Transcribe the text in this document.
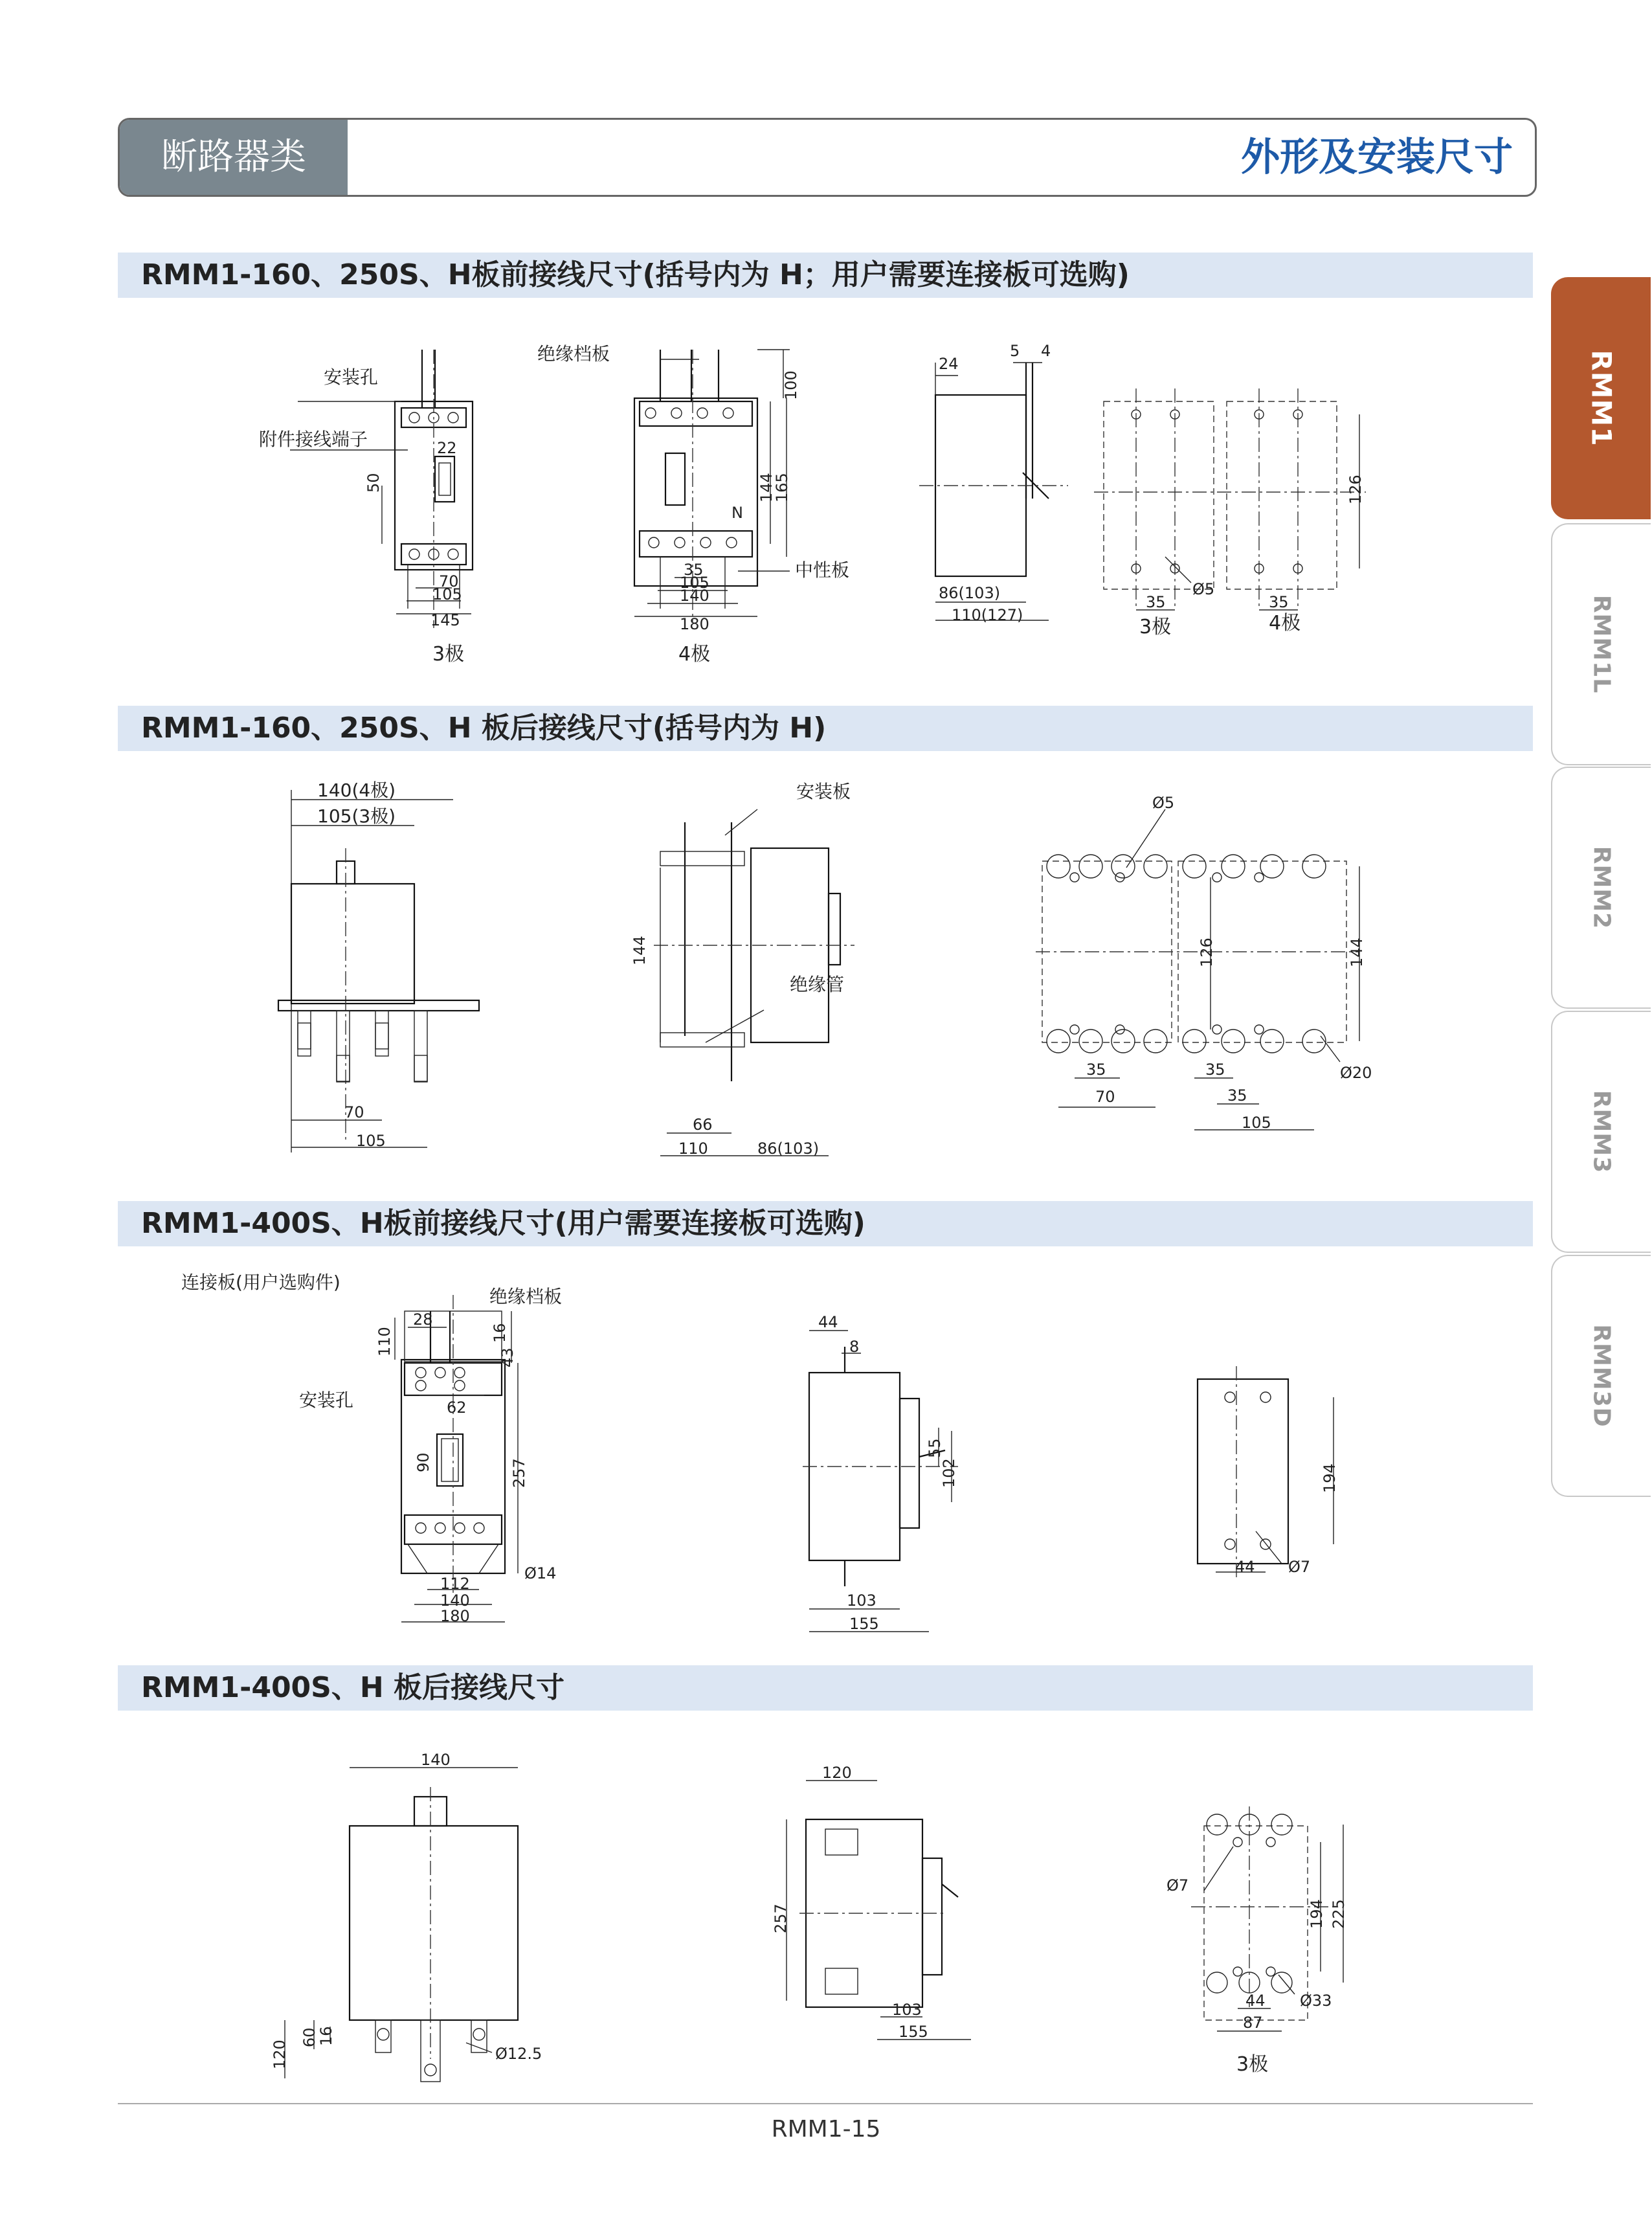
断路器类	外形及安装尺寸
RMM1
RMM1L
RMM2
RMM3
RMM3D
RMM1-160、250S、H板前接线尺寸(括号内为 H；用户需要连接板可选购)
RMM1-160、250S、H 板后接线尺寸(括号内为 H)
RMM1-400S、H板前接线尺寸(用户需要连接板可选购)
RMM1-400S、H 板后接线尺寸
安装孔
附件接线端子	22
50
70
105
145
3极
绝缘档板
100
144
165
N
中性板
35
105
140
180
4极
24
5 4
86(103)
110(127)
126
Ø5
35	35
3极	4极
140(4极)
105(3极)
70
105
安装板
绝缘管
144
66
110	86(103)
Ø5
126	144
Ø20
35
70
35
35
105
连接板(用户选购件)
绝缘档板
安装孔
110
28
16
43
62
90	257
Ø14
112
140
180
44
8
55
102
103
155
194
44 Ø7
140
120
60
16
Ø12.5
120
257
103
155
Ø7
194 225
44
87
Ø33
3极
RMM1-15
